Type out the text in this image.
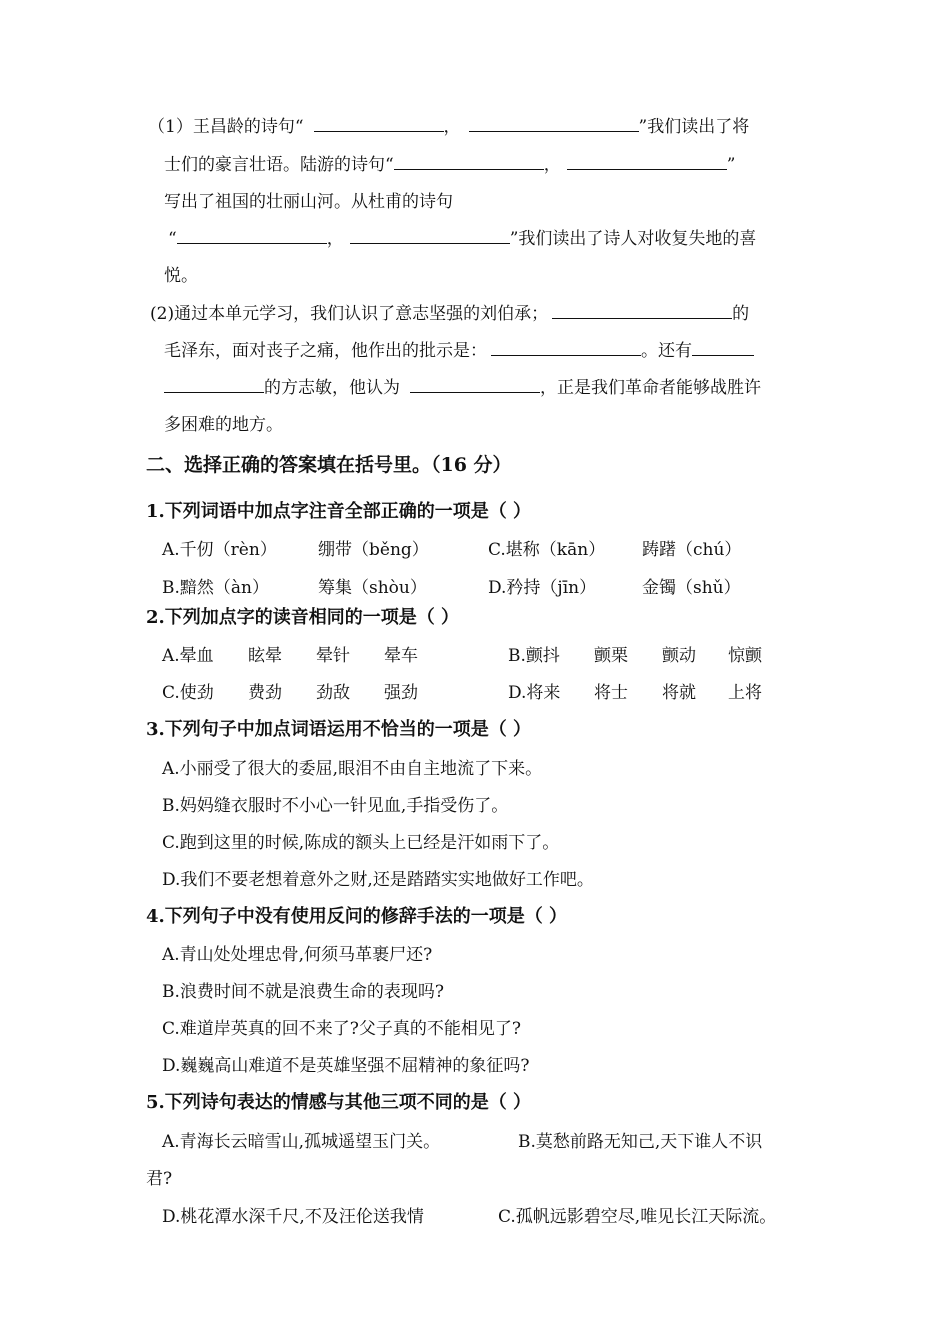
（1）王昌龄的诗句“	，	”我们读出了将
士们的豪言壮语。陆游的诗句“	，	”
写出了祖国的壮丽山河。从杜甫的诗句
“	，	”我们读出了诗人对收复失地的喜
悦。
(2)通过本单元学习，我们认识了意志坚强的刘伯承；	的
毛泽东，面对丧子之痛，他作出的批示是：	。还有
的方志敏，他认为	，正是我们革命者能够战胜许
多困难的地方。
二、选择正确的答案填在括号里。（16 分）
1.下列词语中加点字注音全部正确的一项是（ ）
A.千仞（rèn） 绷带（běng）	C.堪称（kān） 踌躇（chú）
B.黯然（àn）	筹集（shòu）	D.矜持（jīn）	金镯（shǔ）
2.下列加点字的读音相同的一项是（ ）
A.晕血 眩晕 晕针 晕车	B.颤抖 颤栗 颤动 惊颤
C.使劲 费劲 劲敌 强劲	D.将来 将士 将就 上将
3.下列句子中加点词语运用不恰当的一项是（ ）
A.小丽受了很大的委屈,眼泪不由自主地流了下来。
B.妈妈缝衣服时不小心一针见血,手指受伤了。
C.跑到这里的时候,陈成的额头上已经是汗如雨下了。
D.我们不要老想着意外之财,还是踏踏实实地做好工作吧。
4.下列句子中没有使用反问的修辞手法的一项是（ ）
A.青山处处埋忠骨,何须马革裹尸还?
B.浪费时间不就是浪费生命的表现吗?
C.难道岸英真的回不来了?父子真的不能相见了?
D.巍巍高山难道不是英雄坚强不屈精神的象征吗?
5.下列诗句表达的情感与其他三项不同的是（ ）
A.青海长云暗雪山,孤城遥望玉门关。	B.莫愁前路无知己,天下谁人不识
君?
D.桃花潭水深千尺,不及汪伦送我情	C.孤帆远影碧空尽,唯见长江天际流。
